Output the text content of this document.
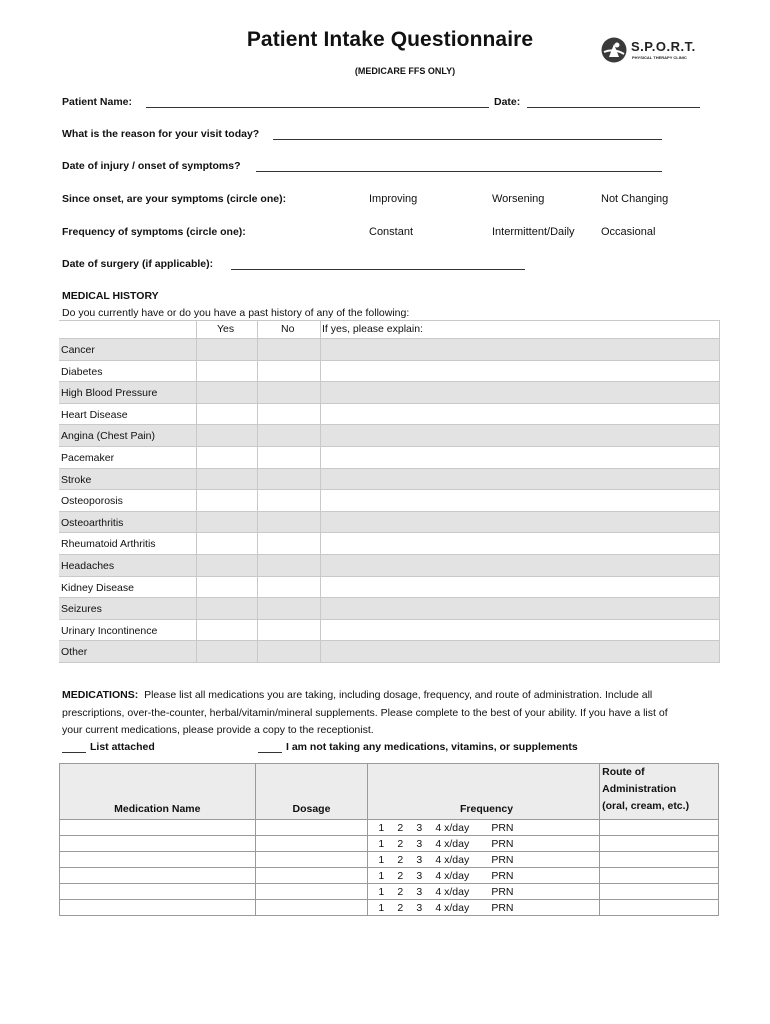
Patient Intake Questionnaire
(MEDICARE FFS ONLY)
S.P.O.R.T.
PHYSICAL THERAPY CLINIC
Patient Name:	Date:
What is the reason for your visit today?
Date of injury / onset of symptoms?
Since onset, are your symptoms (circle one):	Improving	Worsening	Not Changing
Frequency of symptoms (circle one):	Constant	Intermittent/Daily Occasional
Date of surgery (if applicable):
MEDICAL HISTORY
Do you currently have or do you have a past history of any of the following:
Yes	No	If yes, please explain:
Cancer
Diabetes
High Blood Pressure
Heart Disease
Angina (Chest Pain)
Pacemaker
Stroke
Osteoporosis
Osteoarthritis
Rheumatoid Arthritis
Headaches
Kidney Disease
Seizures
Urinary Incontinence
Other
MEDICATIONS: Please list all medications you are taking, including dosage, frequency, and route of administration. Include all
prescriptions, over-the-counter, herbal/vitamin/mineral supplements. Please complete to the best of your ability. If you have a list of
your current medications, please provide a copy to the receptionist.
List attached	I am not taking any medications, vitamins, or supplements
Medication Name	Dosage	Frequency	Route of
Administration
(oral, cream, etc.)

		1 2 3 4 x/day PRN	

		1 2 3 4 x/day PRN	

		1 2 3 4 x/day PRN	

		1 2 3 4 x/day PRN	

		1 2 3 4 x/day PRN	

		1 2 3 4 x/day PRN	
